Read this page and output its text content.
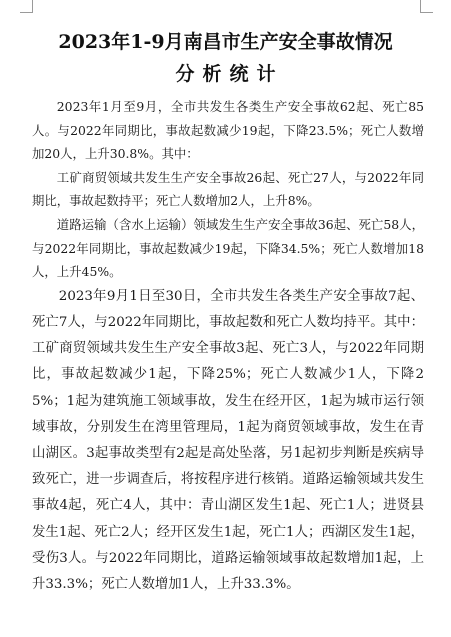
2023年1-9月南昌市生产安全事故情况
分析统计

2023年1月至9月，全市共发生各类生产安全事故62起、死亡85人。与2022年同期比，事故起数减少19起，下降23.5%；死亡人数增加20人，上升30.8%。其中：

工矿商贸领域共发生生产安全事故26起、死亡27人，与2022年同期比，事故起数持平；死亡人数增加2人，上升8%。

道路运输（含水上运输）领域发生生产安全事故36起、死亡58人，与2022年同期比，事故起数减少19起，下降34.5%；死亡人数增加18人，上升45%。

2023年9月1日至30日，全市共发生各类生产安全事故7起、死亡7人，与2022年同期比，事故起数和死亡人数均持平。其中：工矿商贸领域共发生生产安全事故3起、死亡3人，与2022年同期比，事故起数减少1起，下降25%；死亡人数减少1人，下降25%；1起为建筑施工领域事故，发生在经开区，1起为城市运行领域事故，分别发生在湾里管理局，1起为商贸领域事故，发生在青山湖区。3起事故类型有2起是高处坠落，另1起初步判断是疾病导致死亡，进一步调查后，将按程序进行核销。道路运输领域共发生事故4起，死亡4人，其中：青山湖区发生1起、死亡1人；进贤县发生1起、死亡2人；经开区发生1起，死亡1人；西湖区发生1起，受伤3人。与2022年同期比，道路运输领域事故起数增加1起，上升33.3%；死亡人数增加1人，上升33.3%。
